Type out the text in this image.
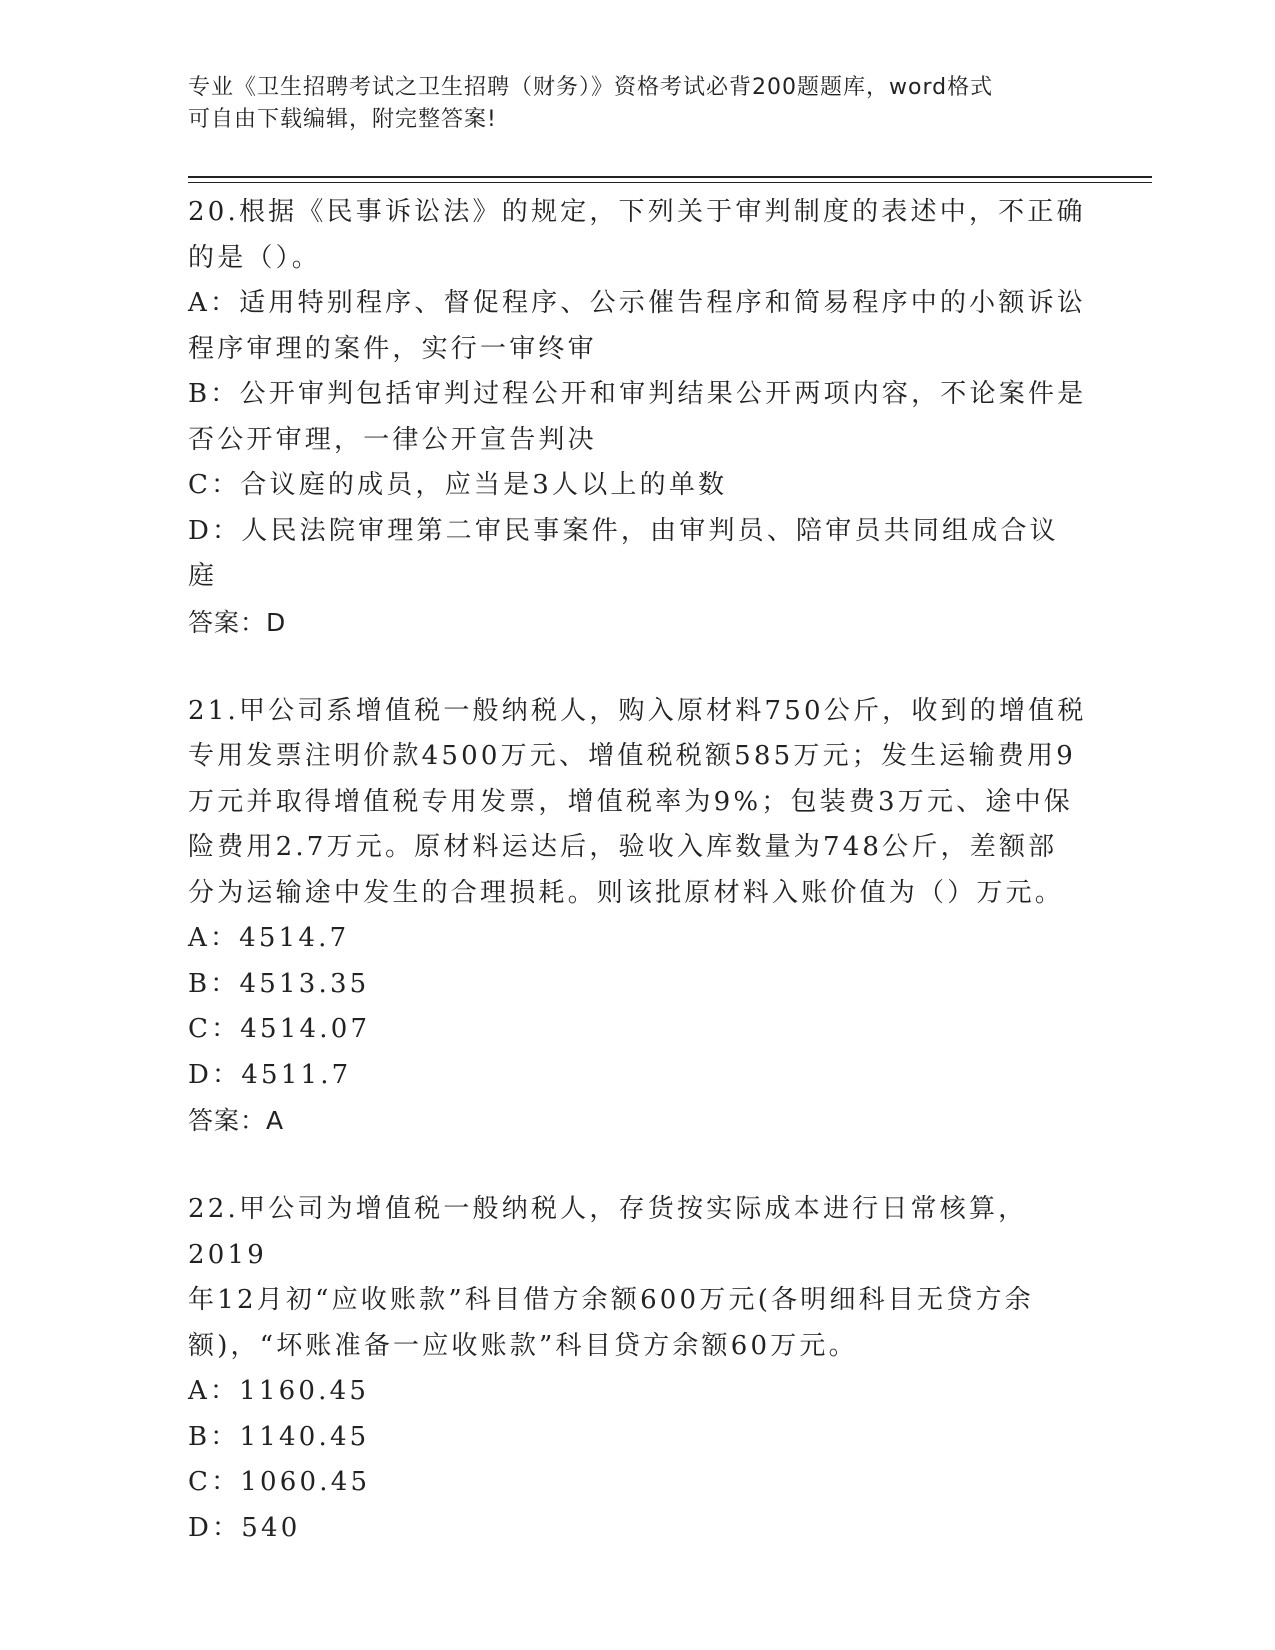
专业《卫生招聘考试之卫生招聘（财务）》资格考试必背200题题库，word格式
可自由下载编辑，附完整答案!

20.根据《民事诉讼法》的规定，下列关于审判制度的表述中，不正确

的是（）。

A：适用特别程序、督促程序、公示催告程序和简易程序中的小额诉讼

程序审理的案件，实行一审终审

B：公开审判包括审判过程公开和审判结果公开两项内容，不论案件是

否公开审理，一律公开宣告判决

C：合议庭的成员，应当是3人以上的单数

D：人民法院审理第二审民事案件，由审判员、陪审员共同组成合议庭

答案：D

21.甲公司系增值税一般纳税人，购入原材料750公斤，收到的增值税

专用发票注明价款4500万元、增值税税额585万元；发生运输费用9

万元并取得增值税专用发票，增值税率为9%；包装费3万元、途中保

险费用2.7万元。原材料运达后，验收入库数量为748公斤，差额部

分为运输途中发生的合理损耗。则该批原材料入账价值为（）万元。

A：4514.7

B：4513.35

C：4514.07

D：4511.7

答案：A

22.甲公司为增值税一般纳税人，存货按实际成本进行日常核算，2019

年12月初“应收账款”科目借方余额600万元(各明细科目无贷方余

额)，“坏账准备一应收账款”科目贷方余额60万元。

A：1160.45

B：1140.45

C：1060.45

D：540
